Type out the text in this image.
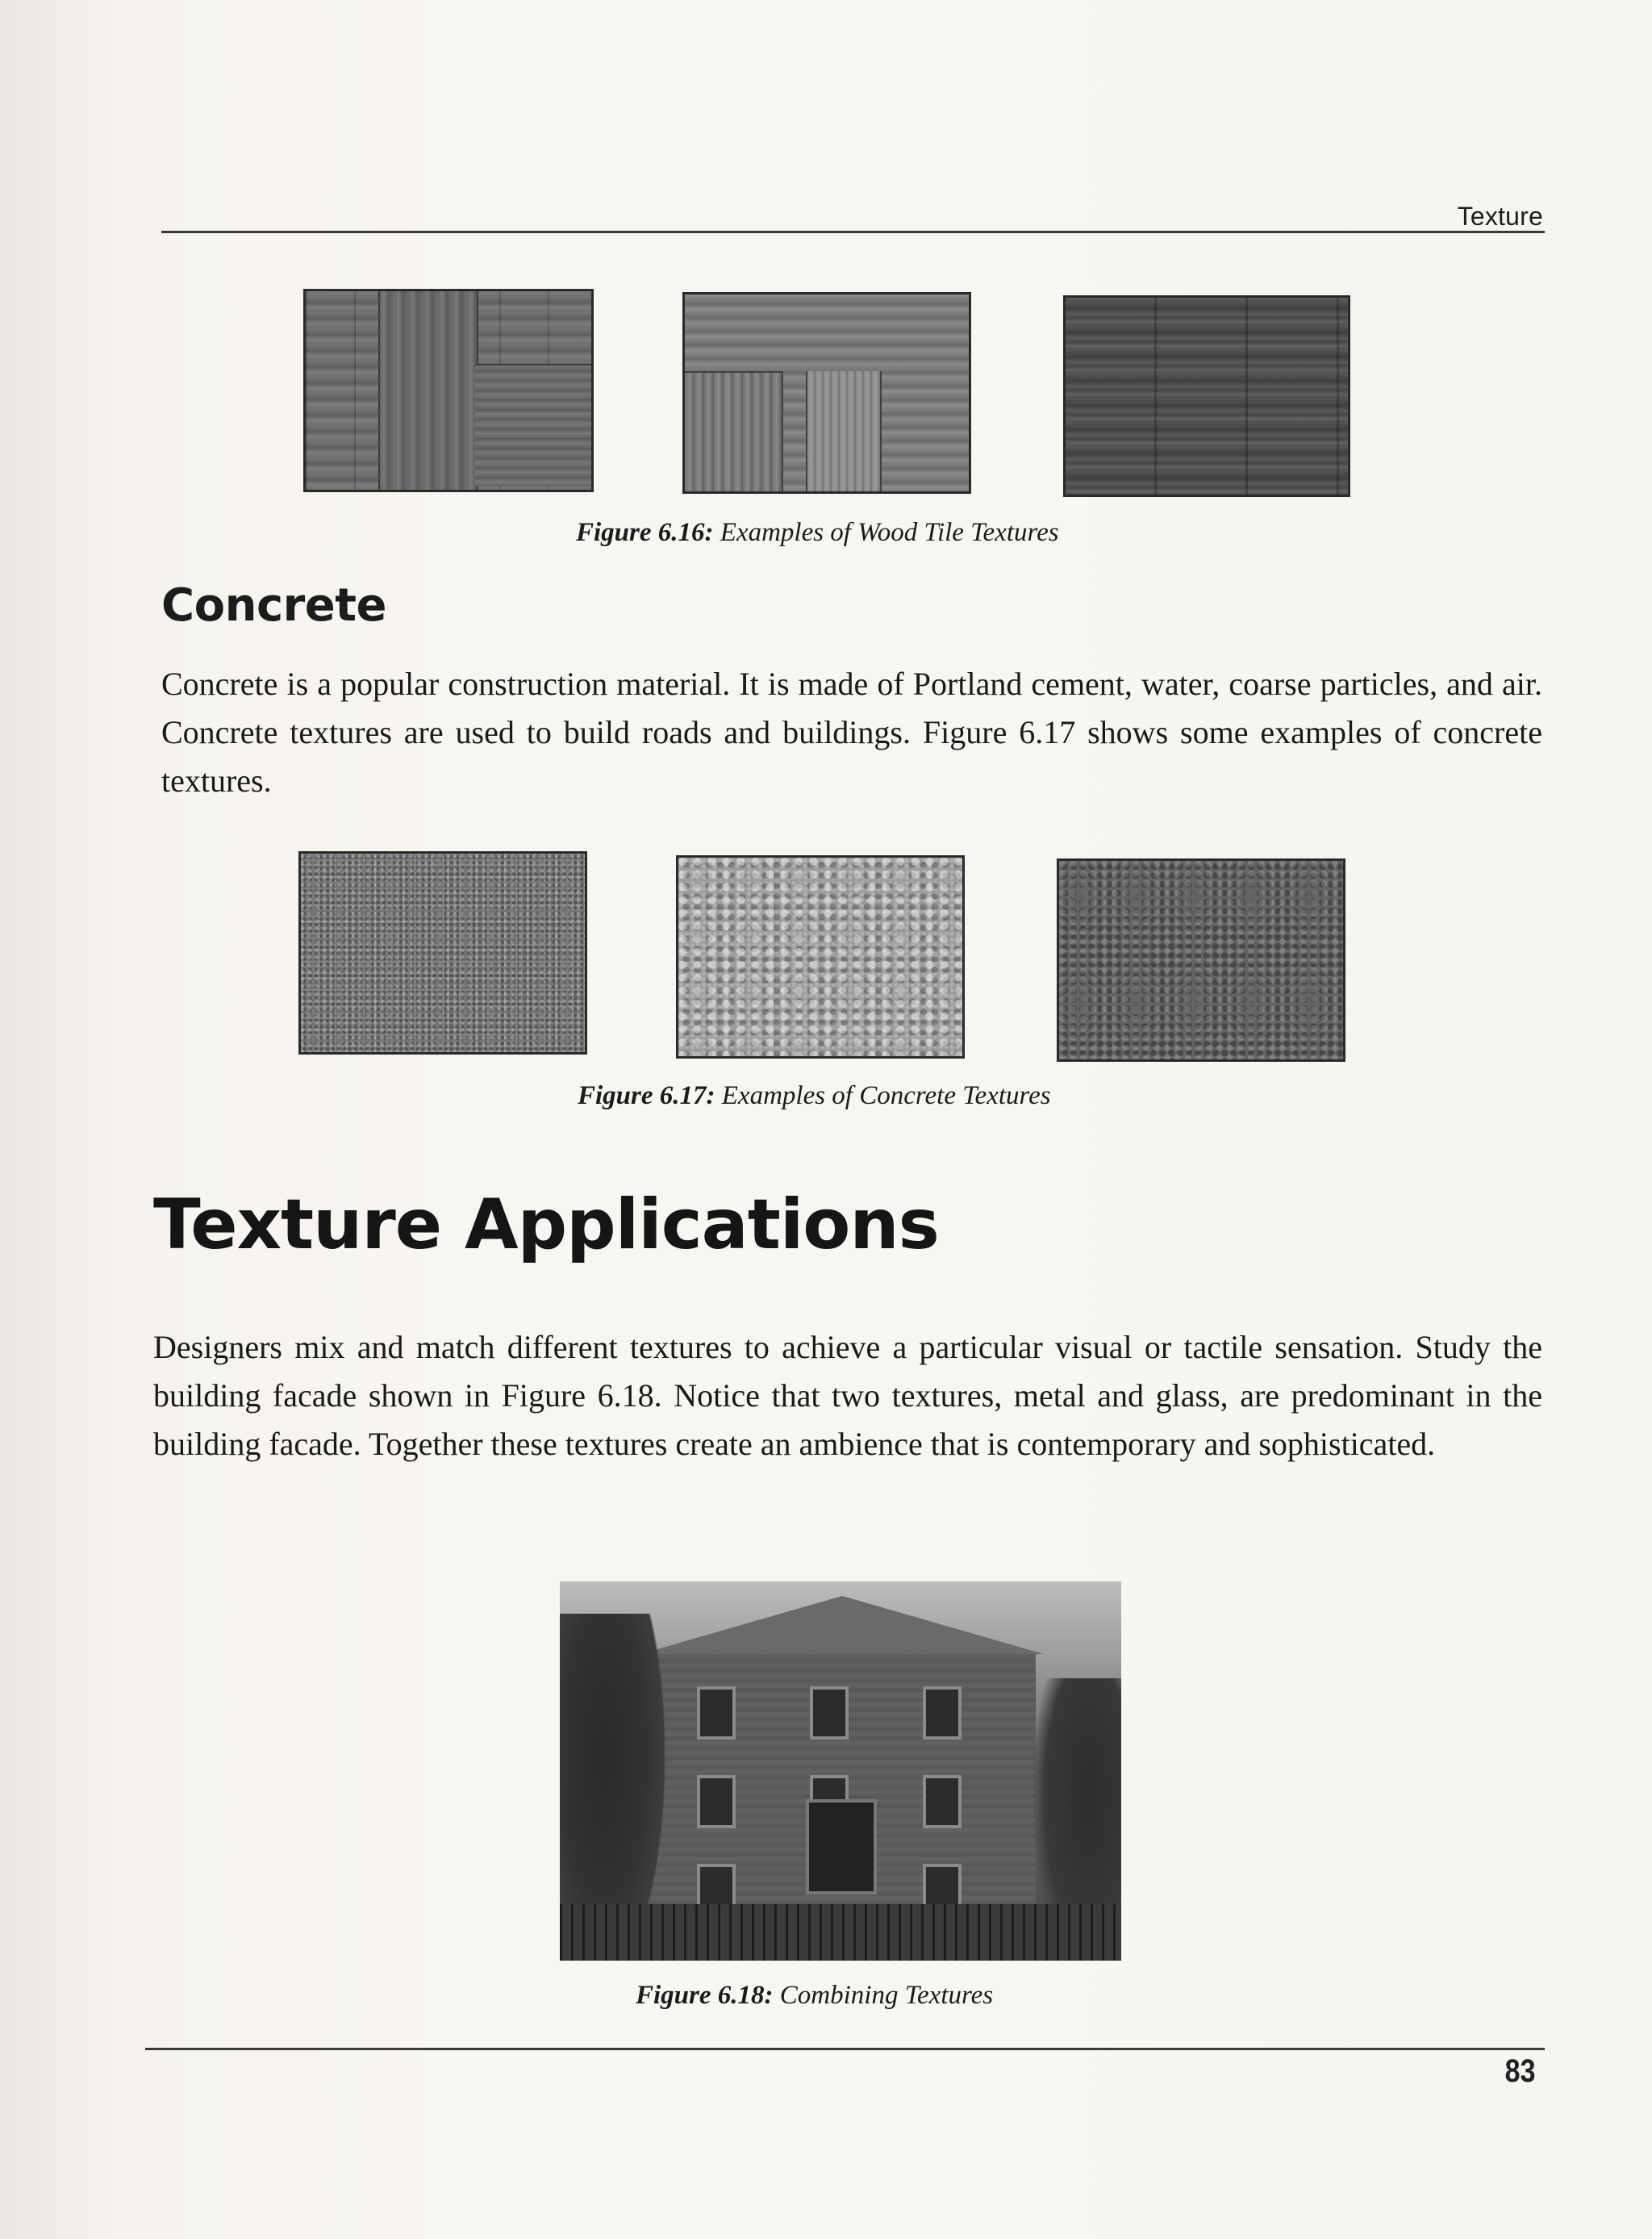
Texture
Figure 6.16: Examples of Wood Tile Textures
Concrete

Concrete is a popular construction material. It is made of Portland cement, water, coarse particles, and air. Concrete textures are used to build roads and buildings. Figure 6.17 shows some examples of concrete textures.

Figure 6.17: Examples of Concrete Textures
Texture Applications

Designers mix and match different textures to achieve a particular visual or tactile sensation. Study the building facade shown in Figure 6.18. Notice that two textures, metal and glass, are predominant in the building facade. Together these textures create an ambience that is contemporary and sophisticated.

Figure 6.18: Combining Textures
83
